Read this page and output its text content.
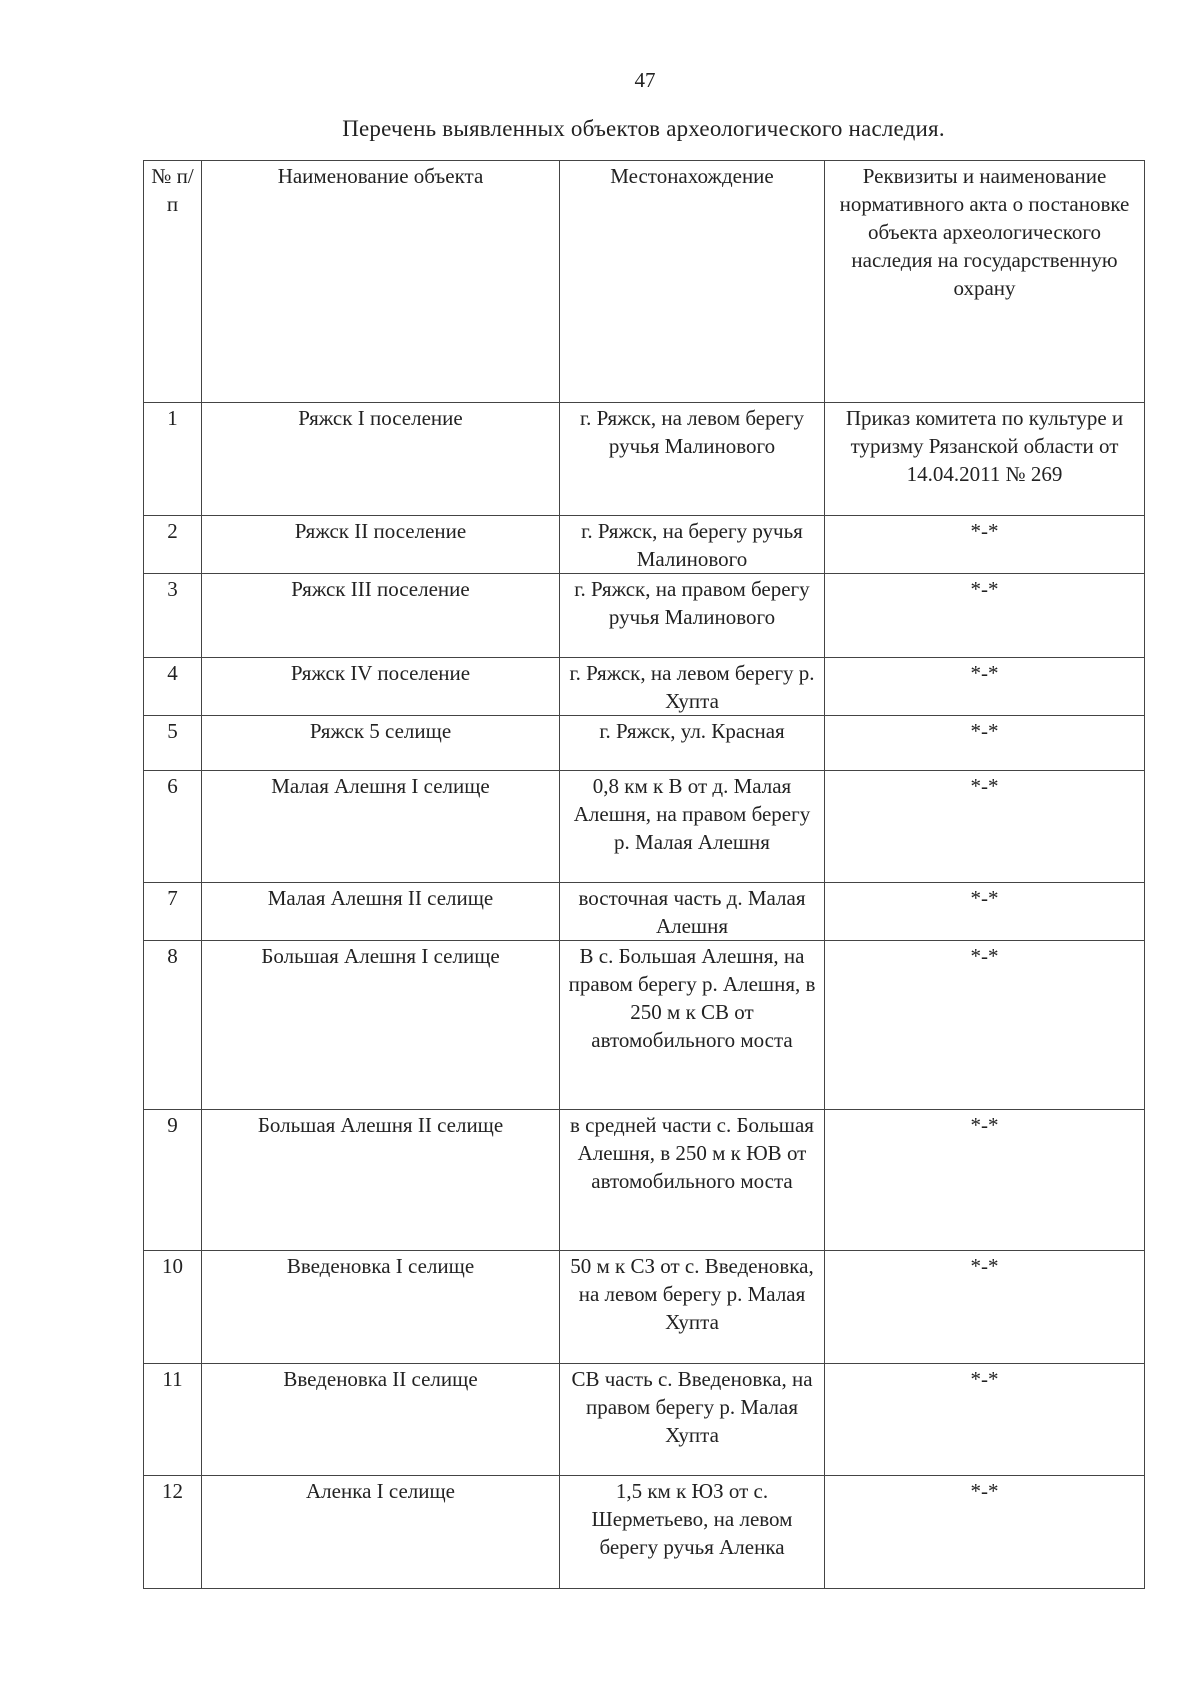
47
Перечень выявленных объектов археологического наследия.
№ п/п	Наименование объекта	Местонахождение	Реквизиты и наименование нормативного акта о постановке объекта археологического наследия на государственную охрану
1	Ряжск I поселение	г. Ряжск, на левом берегу ручья Малинового	Приказ комитета по культуре и туризму Рязанской области от 14.04.2011 № 269
2	Ряжск II поселение	г. Ряжск, на берегу ручья Малинового	*-*
3	Ряжск III поселение	г. Ряжск, на правом берегу ручья Малинового	*-*
4	Ряжск IV поселение	г. Ряжск, на левом берегу р. Хупта	*-*
5	Ряжск 5 селище	г. Ряжск, ул. Красная	*-*
6	Малая Алешня I селище	0,8 км к В от д. Малая Алешня, на правом берегу р. Малая Алешня	*-*
7	Малая Алешня II селище	восточная часть д. Малая Алешня	*-*
8	Большая Алешня I селище	В с. Большая Алешня, на правом берегу р. Алешня, в 250 м к СВ от автомобильного моста	*-*
9	Большая Алешня II селище	в средней части с. Большая Алешня, в 250 м к ЮВ от автомобильного моста	*-*
10	Введеновка I селище	50 м к СЗ от с. Введеновка, на левом берегу р. Малая Хупта	*-*
11	Введеновка II селище	СВ часть с. Введеновка, на правом берегу р. Малая Хупта	*-*
12	Аленка I селище	1,5 км к ЮЗ от с. Шерметьево, на левом берегу ручья Аленка	*-*
